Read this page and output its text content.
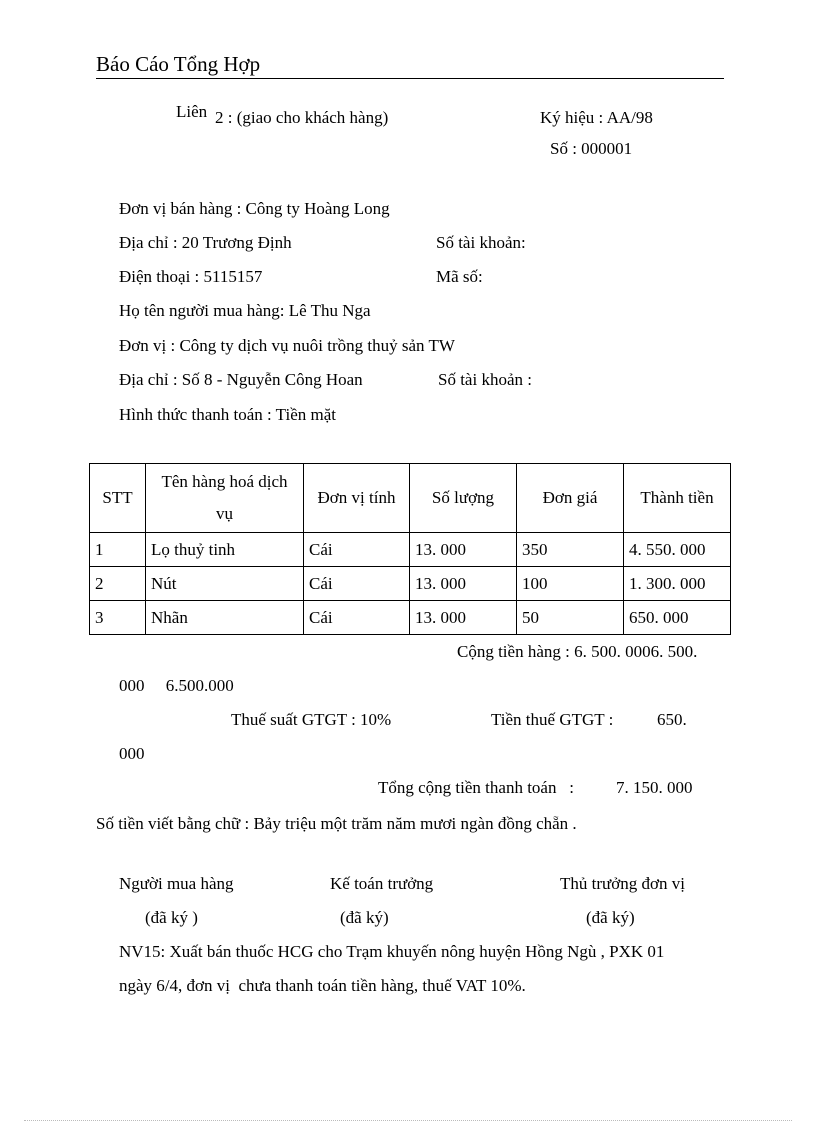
Báo Cáo Tổng Hợp
Liên 2 : (giao cho khách hàng)	Ký hiệu : AA/98
Số : 000001
Đơn vị bán hàng : Công ty Hoàng Long
Địa chỉ : 20 Trương Định	Số tài khoản:
Điện thoại : 5115157	Mã số:
Họ tên người mua hàng: Lê Thu Nga
Đơn vị : Công ty dịch vụ nuôi trồng thuỷ sản TW
Địa chỉ : Số 8 - Nguyễn Công Hoan	Số tài khoản :
Hình thức thanh toán : Tiền mặt
STT	Tên hàng hoá dịch vụ	Đơn vị tính	Số lượng	Đơn giá	Thành tiền
1	Lọ thuỷ tinh	Cái	13. 000	350	4. 550. 000
2	Nút	Cái	13. 000	100	1. 300. 000
3	Nhãn	Cái	13. 000	50	650. 000
Cộng tiền hàng : 6. 500. 0006. 500.
000     6.500.000
Thuế suất GTGT : 10%	Tiền thuế GTGT :	650.
000
Tổng cộng tiền thanh toán   : 7. 150. 000
Số tiền viết bằng chữ : Bảy triệu một trăm năm mươi ngàn đồng chẵn .
Người mua hàng	Kế toán trưởng	Thủ trưởng đơn vị
(đã ký )	(đã ký)	(đã ký)
NV15: Xuất bán thuốc HCG cho Trạm khuyến nông huyện Hồng Ngù , PXK 01
ngày 6/4, đơn vị  chưa thanh toán tiền hàng, thuế VAT 10%.
